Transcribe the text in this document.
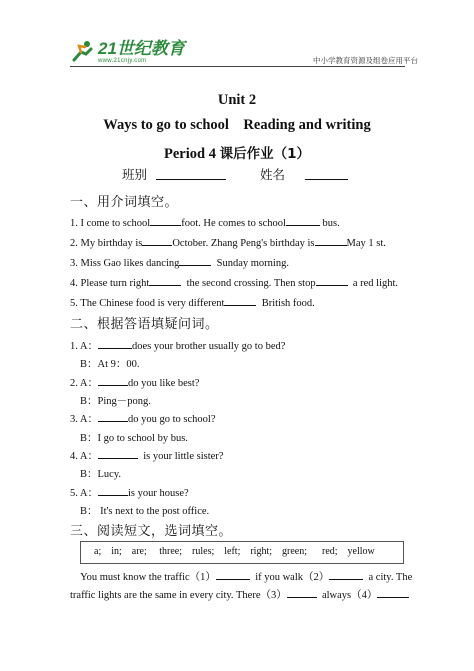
21世纪教育
www.21cnjy.com	中小学教育资源及组卷应用平台
Unit 2
Ways to go to school    Reading and writing
Period 4 课后作业（1）
班别	姓名
一、用介词填空。
1. I come to school	foot. He comes to school	bus.
2. My birthday is	October. Zhang Peng's birthday is	May 1 st.
3. Miss Gao likes dancing	Sunday morning.
4. Please turn right	the second crossing. Then stop	a red light.
5. The Chinese food is very different	British food.
二、根据答语填疑问词。
1. A：	does your brother usually go to bed?
B：At 9：00.
2. A：	do you like best?
B：Ping－pong.
3. A：	do you go to school?
B：I go to school by bus.
4. A：	is your little sister?
B：Lucy.
5. A：	is your house?
B： It's next to the post office.
三、阅读短文，选词填空。
a;    in;    are;     three;    rules;    left;    right;    green;      red;    yellow
You must know the traffic（1）	if you walk（2）	a city. The
traffic lights are the same in every city. There（3）	always（4）
